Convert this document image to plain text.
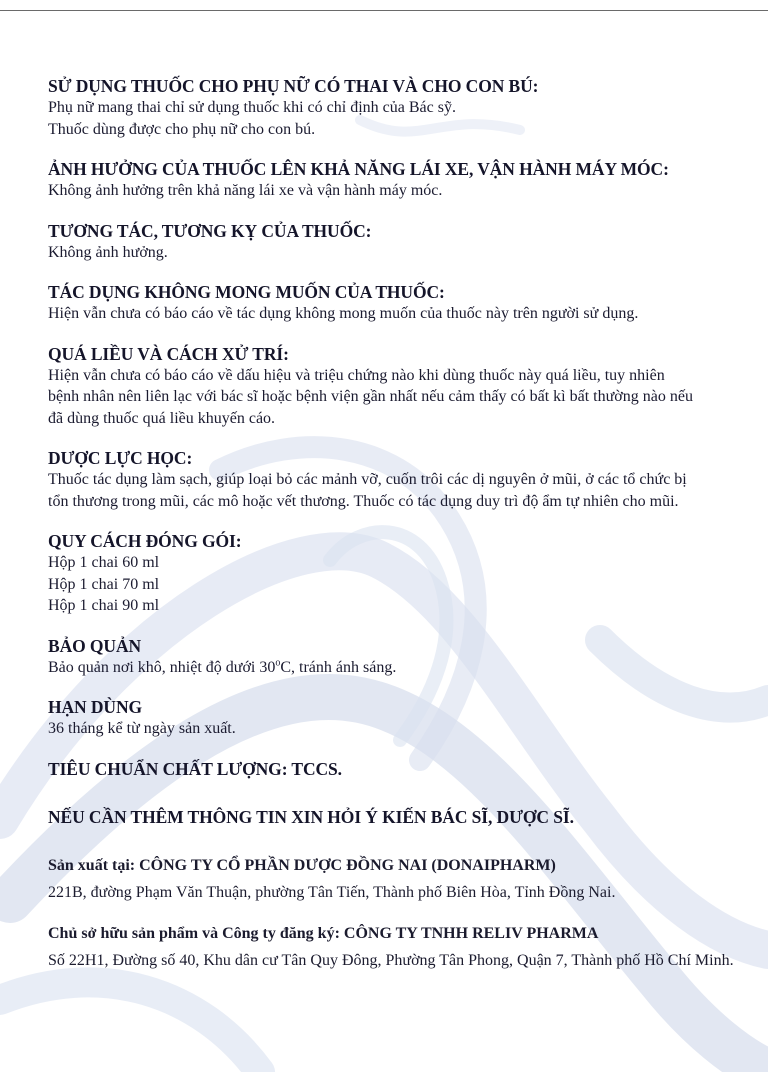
SỬ DỤNG THUỐC CHO PHỤ NỮ CÓ THAI VÀ CHO CON BÚ:
Phụ nữ mang thai chỉ sử dụng thuốc khi có chỉ định của Bác sỹ.
Thuốc dùng được cho phụ nữ cho con bú.
ẢNH HƯỞNG CỦA THUỐC LÊN KHẢ NĂNG LÁI XE, VẬN HÀNH MÁY MÓC:
Không ảnh hưởng trên khả năng lái xe và vận hành máy móc.
TƯƠNG TÁC, TƯƠNG KỴ CỦA THUỐC:
Không ảnh hưởng.
TÁC DỤNG KHÔNG MONG MUỐN CỦA THUỐC:
Hiện vẫn chưa có báo cáo về tác dụng không mong muốn của thuốc này trên người sử dụng.
QUÁ LIỀU VÀ CÁCH XỬ TRÍ:
Hiện vẫn chưa có báo cáo về dấu hiệu và triệu chứng nào khi dùng thuốc này quá liều, tuy nhiên
bệnh nhân nên liên lạc với bác sĩ hoặc bệnh viện gần nhất nếu cảm thấy có bất kì bất thường nào nếu
đã dùng thuốc quá liều khuyến cáo.
DƯỢC LỰC HỌC:
Thuốc tác dụng làm sạch, giúp loại bỏ các mảnh vỡ, cuốn trôi các dị nguyên ở mũi, ở các tổ chức bị
tổn thương trong mũi, các mô hoặc vết thương. Thuốc có tác dụng duy trì độ ẩm tự nhiên cho mũi.
QUY CÁCH ĐÓNG GÓI:
Hộp 1 chai 60 ml
Hộp 1 chai 70 ml
Hộp 1 chai 90 ml
BẢO QUẢN
Bảo quản nơi khô, nhiệt độ dưới 30$^o$C, tránh ánh sáng.
HẠN DÙNG
36 tháng kể từ ngày sản xuất.
TIÊU CHUẨN CHẤT LƯỢNG: TCCS.
NẾU CẦN THÊM THÔNG TIN XIN HỎI Ý KIẾN BÁC SĨ, DƯỢC SĨ.
Sản xuất tại: CÔNG TY CỔ PHẦN DƯỢC ĐỒNG NAI (DONAIPHARM)
221B, đường Phạm Văn Thuận, phường Tân Tiến, Thành phố Biên Hòa, Tỉnh Đồng Nai.
Chủ sở hữu sản phẩm và Công ty đăng ký: CÔNG TY TNHH RELIV PHARMA
Số 22H1, Đường số 40, Khu dân cư Tân Quy Đông, Phường Tân Phong, Quận 7, Thành phố Hồ Chí Minh.
